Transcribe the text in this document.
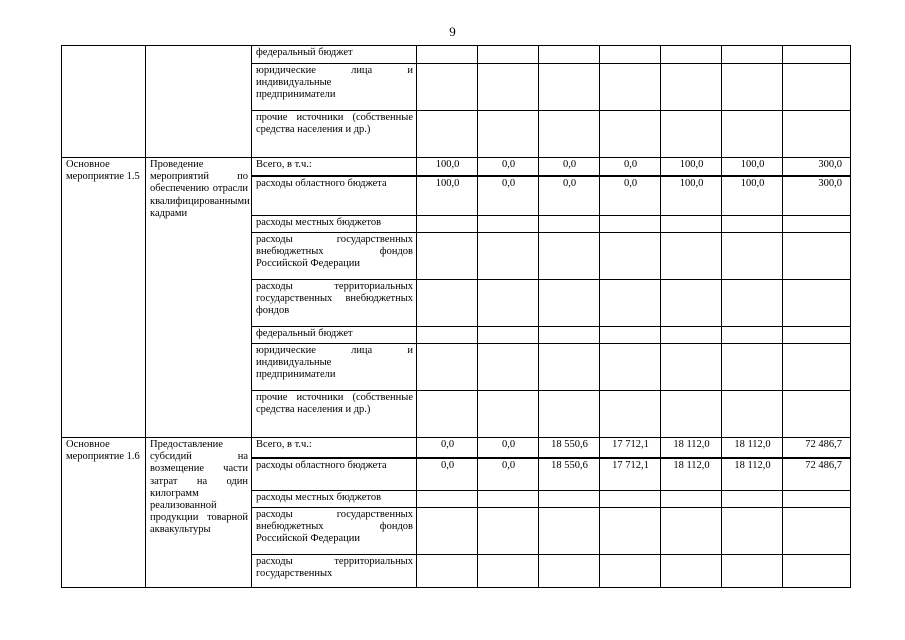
9
		федеральный бюджет							
		юридические лица и индивидуальные предприниматели							
		прочие источники (собственные средства населения и др.)							
Основное мероприятие 1.5	Проведение мероприятий по обеспечению отрасли квалифицированными кадрами	Всего, в т.ч.:	100,0	0,0	0,0	0,0	100,0	100,0	300,0
		расходы областного бюджета	100,0	0,0	0,0	0,0	100,0	100,0	300,0
		расходы местных бюджетов							
		расходы государственных внебюджетных фондов Российской Федерации							
		расходы территориальных государственных внебюджетных фондов							
		федеральный бюджет							
		юридические лица и индивидуальные предприниматели							
		прочие источники (собственные средства населения и др.)							
Основное мероприятие 1.6	Предоставление субсидий на возмещение части затрат на один килограмм реализованной продукции товарной аквакультуры	Всего, в т.ч.:	0,0	0,0	18 550,6	17 712,1	18 112,0	18 112,0	72 486,7
		расходы областного бюджета	0,0	0,0	18 550,6	17 712,1	18 112,0	18 112,0	72 486,7
		расходы местных бюджетов							
		расходы государственных внебюджетных фондов Российской Федерации							
		расходы территориальных государственных							
